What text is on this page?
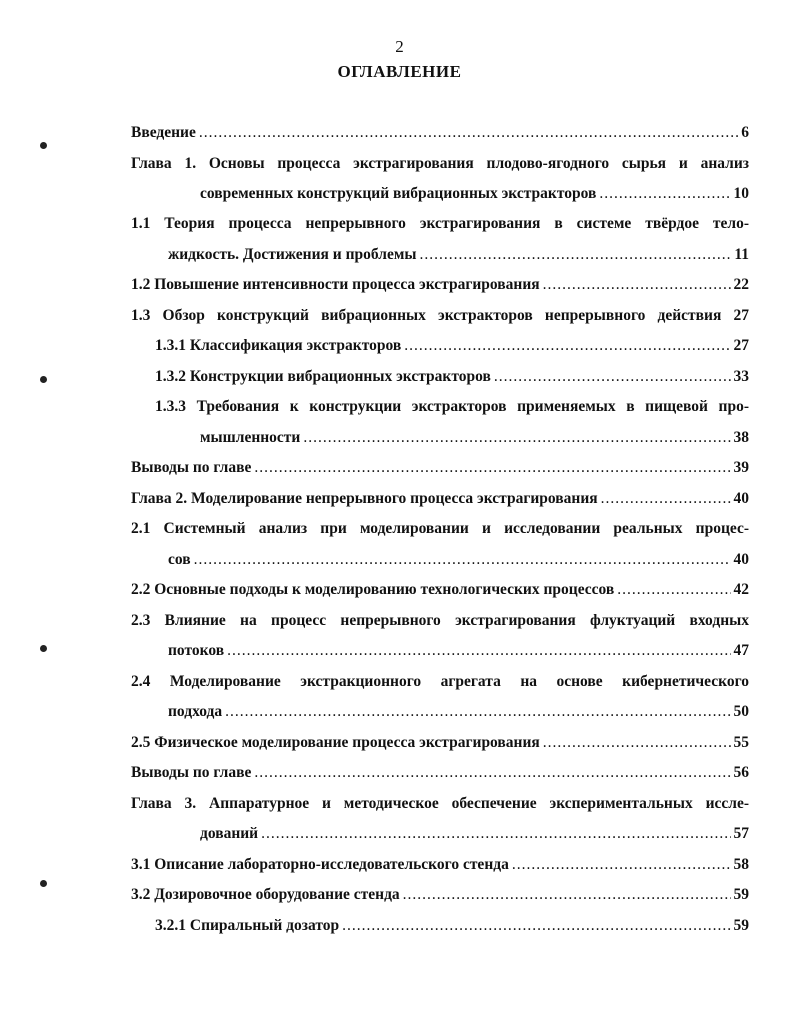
2
ОГЛАВЛЕНИЕ
Введение .....	6
Глава 1. Основы процесса экстрагирования плодово-ягодного сырья и анализ
современных конструкций вибрационных экстракторов .....	10
1.1 Теория процесса непрерывного экстрагирования в системе твёрдое тело-
жидкость. Достижения и проблемы .....	11
1.2 Повышение интенсивности процесса экстрагирования .....	22
1.3 Обзор конструкций вибрационных экстракторов непрерывного действия 27
1.3.1 Классификация экстракторов .....	27
1.3.2 Конструкции вибрационных экстракторов .....	33
1.3.3 Требования к конструкции экстракторов применяемых в пищевой про-
мышленности .....	38
Выводы по главе .....	39
Глава 2. Моделирование непрерывного процесса экстрагирования .....	40
2.1 Системный анализ при моделировании и исследовании реальных процес-
сов .....	40
2.2 Основные подходы к моделированию технологических процессов .....	42
2.3 Влияние на процесс непрерывного экстрагирования флуктуаций входных
потоков .....	47
2.4 Моделирование экстракционного агрегата на основе кибернетического
подхода .....	50
2.5 Физическое моделирование процесса экстрагирования .....	55
Выводы по главе .....	56
Глава 3. Аппаратурное и методическое обеспечение экспериментальных иссле-
дований .....	57
3.1 Описание лабораторно-исследовательского стенда .....	58
3.2 Дозировочное оборудование стенда .....	59
3.2.1 Спиральный дозатор .....	59
